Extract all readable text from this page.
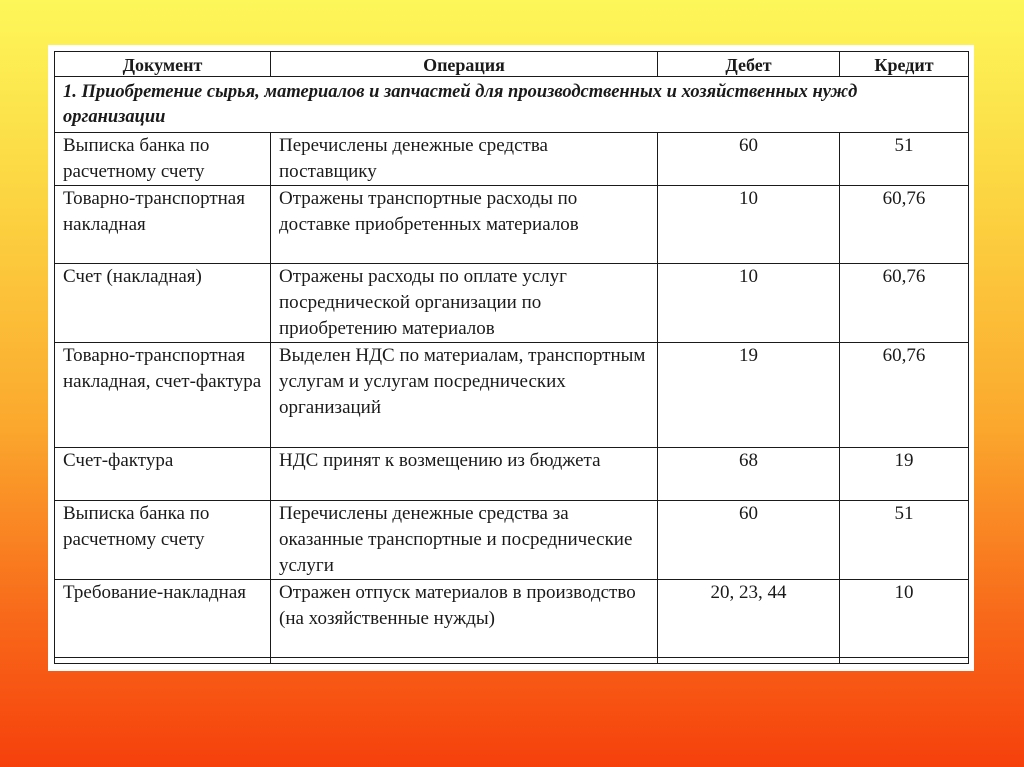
Документ	Операция	Дебет	Кредит
1. Приобретение сырья, материалов и запчастей для производственных и хозяйственных нужд организации			
Выписка банка по расчетному счету	Перечислены денежные средства поставщику	60	51
Товарно-транспортная накладная	Отражены транспортные расходы по доставке приобретенных материалов	10	60,76
Счет (накладная)	Отражены расходы по оплате услуг посреднической организации по приобретению материалов	10	60,76
Товарно-транспортная накладная, счет-фактура	Выделен НДС по материалам, транспортным услугам и услугам посреднических организаций	19	60,76
Счет-фактура	НДС принят к возмещению из бюджета	68	19
Выписка банка по расчетному счету	Перечислены денежные средства за оказанные транспортные и посреднические услуги	60	51
Требование-накладная	Отражен отпуск материалов в производство (на хозяйственные нужды)	20, 23, 44	10
